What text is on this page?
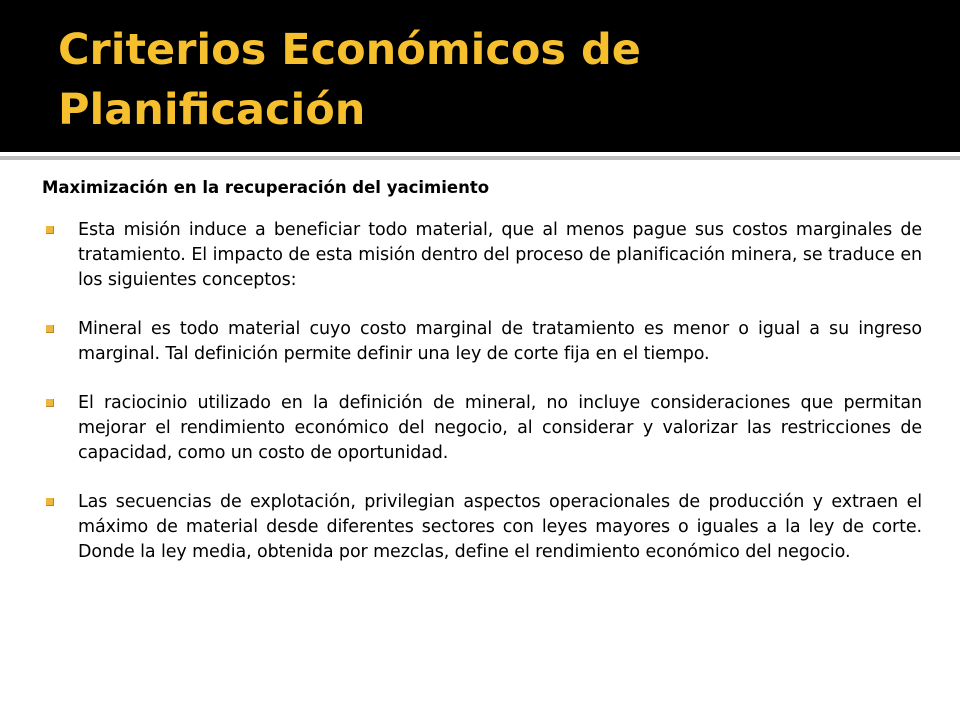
Criterios Económicos de Planificación

Maximización en la recuperación del yacimiento

Esta misión induce a beneficiar todo material, que al menos pague sus costos marginales de tratamiento. El impacto de esta misión dentro del proceso de planificación minera, se traduce en los siguientes conceptos:
Mineral es todo material cuyo costo marginal de tratamiento es menor o igual a su ingreso marginal. Tal definición permite definir una ley de corte fija en el tiempo.
El raciocinio utilizado en la definición de mineral, no incluye consideraciones que permitan mejorar el rendimiento económico del negocio, al considerar y valorizar las restricciones de capacidad, como un costo de oportunidad.
Las secuencias de explotación, privilegian aspectos operacionales de producción y extraen el máximo de material desde diferentes sectores con leyes mayores o iguales a la ley de corte. Donde la ley media, obtenida por mezclas, define el rendimiento económico del negocio.
